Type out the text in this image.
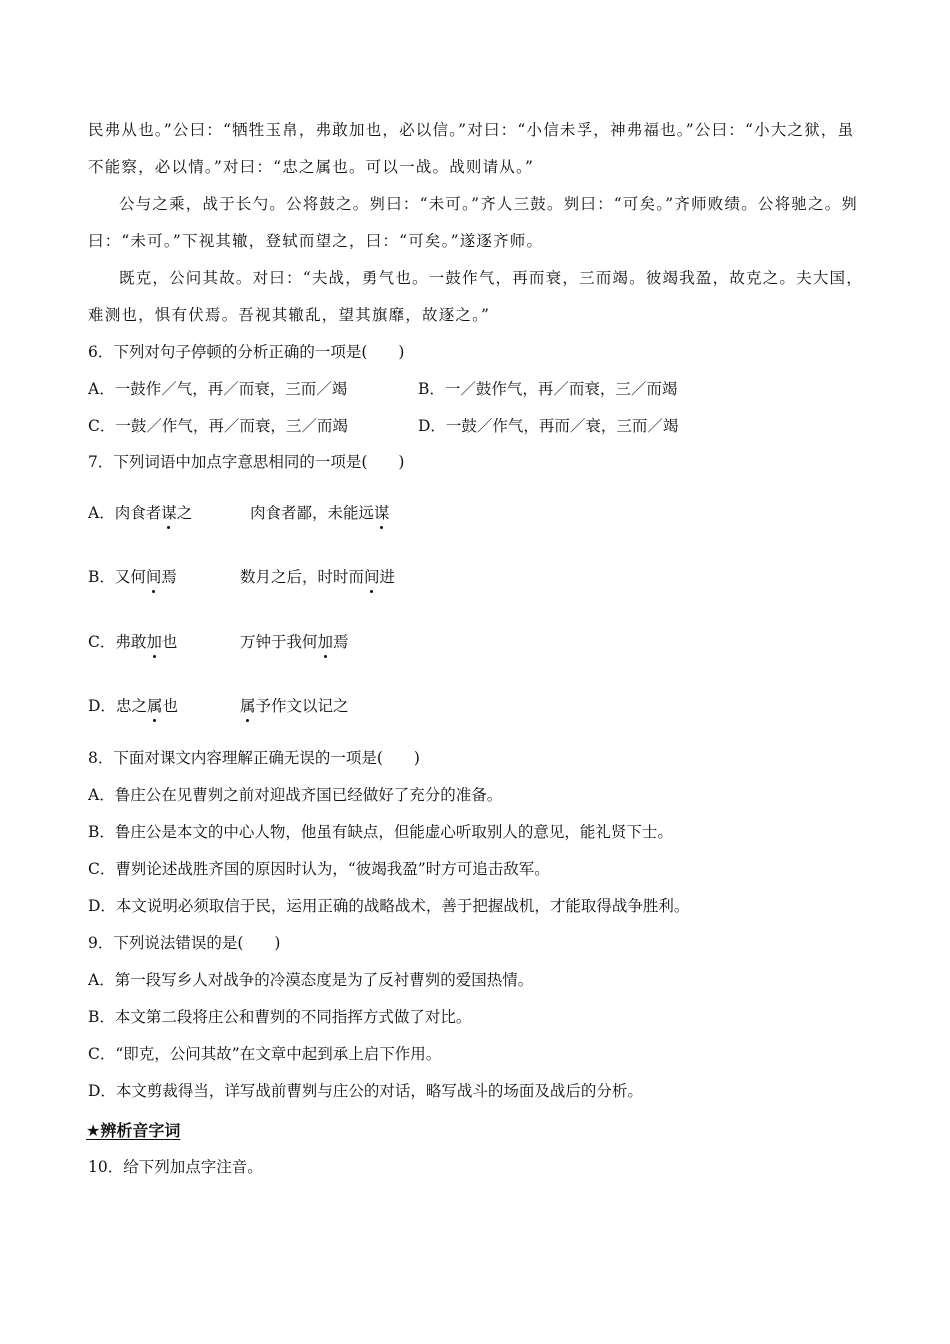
民弗从也。”公曰：“牺牲玉帛，弗敢加也，必以信。”对曰：“小信未孚，神弗福也。”公曰：“小大之狱，虽不能察，必以情。”对曰：“忠之属也。可以一战。战则请从。”
公与之乘，战于长勺。公将鼓之。刿曰：“未可。”齐人三鼓。刿曰：“可矣。”齐师败绩。公将驰之。刿曰：“未可。”下视其辙，登轼而望之，曰：“可矣。”遂逐齐师。
既克，公问其故。对曰：“夫战，勇气也。一鼓作气，再而衰，三而竭。彼竭我盈，故克之。夫大国，难测也，惧有伏焉。吾视其辙乱，望其旗靡，故逐之。”
6．下列对句子停顿的分析正确的一项是(　　)
A．一鼓作／气，再／而衰，三而／竭	B．一／鼓作气，再／而衰，三／而竭
C．一鼓／作气，再／而衰，三／而竭	D．一鼓／作气，再而／衰，三而／竭
7．下列词语中加点字意思相同的一项是(　　)
A．肉食者谋之	肉食者鄙，未能远谋
B．又何间焉	数月之后，时时而间进
C．弗敢加也	万钟于我何加焉
D．忠之属也	属予作文以记之
8．下面对课文内容理解正确无误的一项是(　　)
A．鲁庄公在见曹刿之前对迎战齐国已经做好了充分的准备。
B．鲁庄公是本文的中心人物，他虽有缺点，但能虚心听取别人的意见，能礼贤下士。
C．曹刿论述战胜齐国的原因时认为，“彼竭我盈”时方可追击敌军。
D．本文说明必须取信于民，运用正确的战略战术，善于把握战机，才能取得战争胜利。
9．下列说法错误的是(　　)
A．第一段写乡人对战争的冷漠态度是为了反衬曹刿的爱国热情。
B．本文第二段将庄公和曹刿的不同指挥方式做了对比。
C．“即克，公问其故”在文章中起到承上启下作用。
D．本文剪裁得当，详写战前曹刿与庄公的对话，略写战斗的场面及战后的分析。
★辨析音字词
10．给下列加点字注音。
